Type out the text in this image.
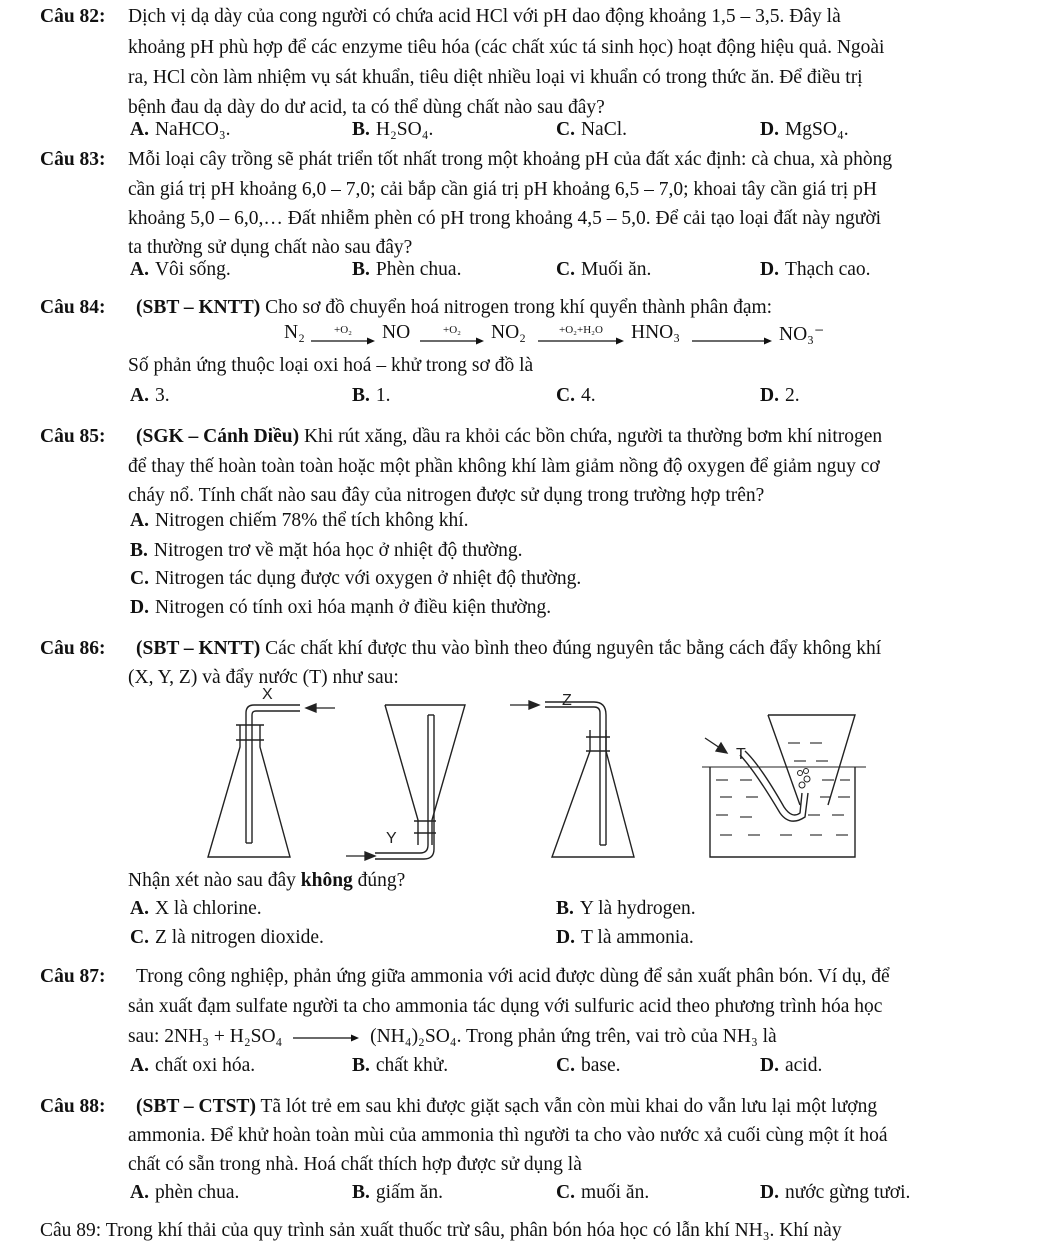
Câu 82: Dịch vị dạ dày của cong người có chứa acid HCl với pH dao động khoảng 1,5 – 3,5. Đây là
khoảng pH phù hợp để các enzyme tiêu hóa (các chất xúc tá sinh học) hoạt động hiệu quả. Ngoài
ra, HCl còn làm nhiệm vụ sát khuẩn, tiêu diệt nhiều loại vi khuẩn có trong thức ăn. Để điều trị
bệnh đau dạ dày do dư acid, ta có thể dùng chất nào sau đây?
A. NaHCO₃.	B. H₂SO₄.	C. NaCl.	D. MgSO₄.
Câu 83: Mỗi loại cây trồng sẽ phát triển tốt nhất trong một khoảng pH của đất xác định: cà chua, xà phòng
cần giá trị pH khoảng 6,0 – 7,0; cải bắp cần giá trị pH khoảng 6,5 – 7,0; khoai tây cần giá trị pH
khoảng 5,0 – 6,0,… Đất nhiễm phèn có pH trong khoảng 4,5 – 5,0. Để cải tạo loại đất này người
ta thường sử dụng chất nào sau đây?
A. Vôi sống.	B. Phèn chua.	C. Muối ăn.	D. Thạch cao.
Câu 84: (SBT – KNTT) Cho sơ đồ chuyển hoá nitrogen trong khí quyển thành phân đạm:
N₂	+O₂ NO	+O₂ NO₂	+O₂+H₂O HNO₃	NO₃⁻
Số phản ứng thuộc loại oxi hoá – khử trong sơ đồ là
A. 3.	B. 1.	C. 4.	D. 2.
Câu 85: (SGK – Cánh Diều) Khi rút xăng, dầu ra khỏi các bồn chứa, người ta thường bơm khí nitrogen
để thay thế hoàn toàn toàn hoặc một phần không khí làm giảm nồng độ oxygen để giảm nguy cơ
cháy nổ. Tính chất nào sau đây của nitrogen được sử dụng trong trường hợp trên?
A. Nitrogen chiếm 78% thể tích không khí.
B. Nitrogen trơ về mặt hóa học ở nhiệt độ thường.
C. Nitrogen tác dụng được với oxygen ở nhiệt độ thường.
D. Nitrogen có tính oxi hóa mạnh ở điều kiện thường.
Câu 86: (SBT – KNTT) Các chất khí được thu vào bình theo đúng nguyên tắc bằng cách đẩy không khí
(X, Y, Z) và đẩy nước (T) như sau:
X
Y
Z
T
Nhận xét nào sau đây không đúng?
A. X là chlorine.	B. Y là hydrogen.
C. Z là nitrogen dioxide.	D. T là ammonia.
Câu 87: Trong công nghiệp, phản ứng giữa ammonia với acid được dùng để sản xuất phân bón. Ví dụ, để
sản xuất đạm sulfate người ta cho ammonia tác dụng với sulfuric acid theo phương trình hóa học
sau: 2NH₃ + H₂SO₄	(NH₄)₂SO₄. Trong phản ứng trên, vai trò của NH₃ là
A. chất oxi hóa.	B. chất khử.	C. base.	D. acid.
Câu 88: (SBT – CTST) Tã lót trẻ em sau khi được giặt sạch vẫn còn mùi khai do vẫn lưu lại một lượng
ammonia. Để khử hoàn toàn mùi của ammonia thì người ta cho vào nước xả cuối cùng một ít hoá
chất có sẵn trong nhà. Hoá chất thích hợp được sử dụng là
A. phèn chua.	B. giấm ăn.	C. muối ăn.	D. nước gừng tươi.
Câu 89: Trong khí thải của quy trình sản xuất thuốc trừ sâu, phân bón hóa học có lẫn khí NH₃. Khí này
